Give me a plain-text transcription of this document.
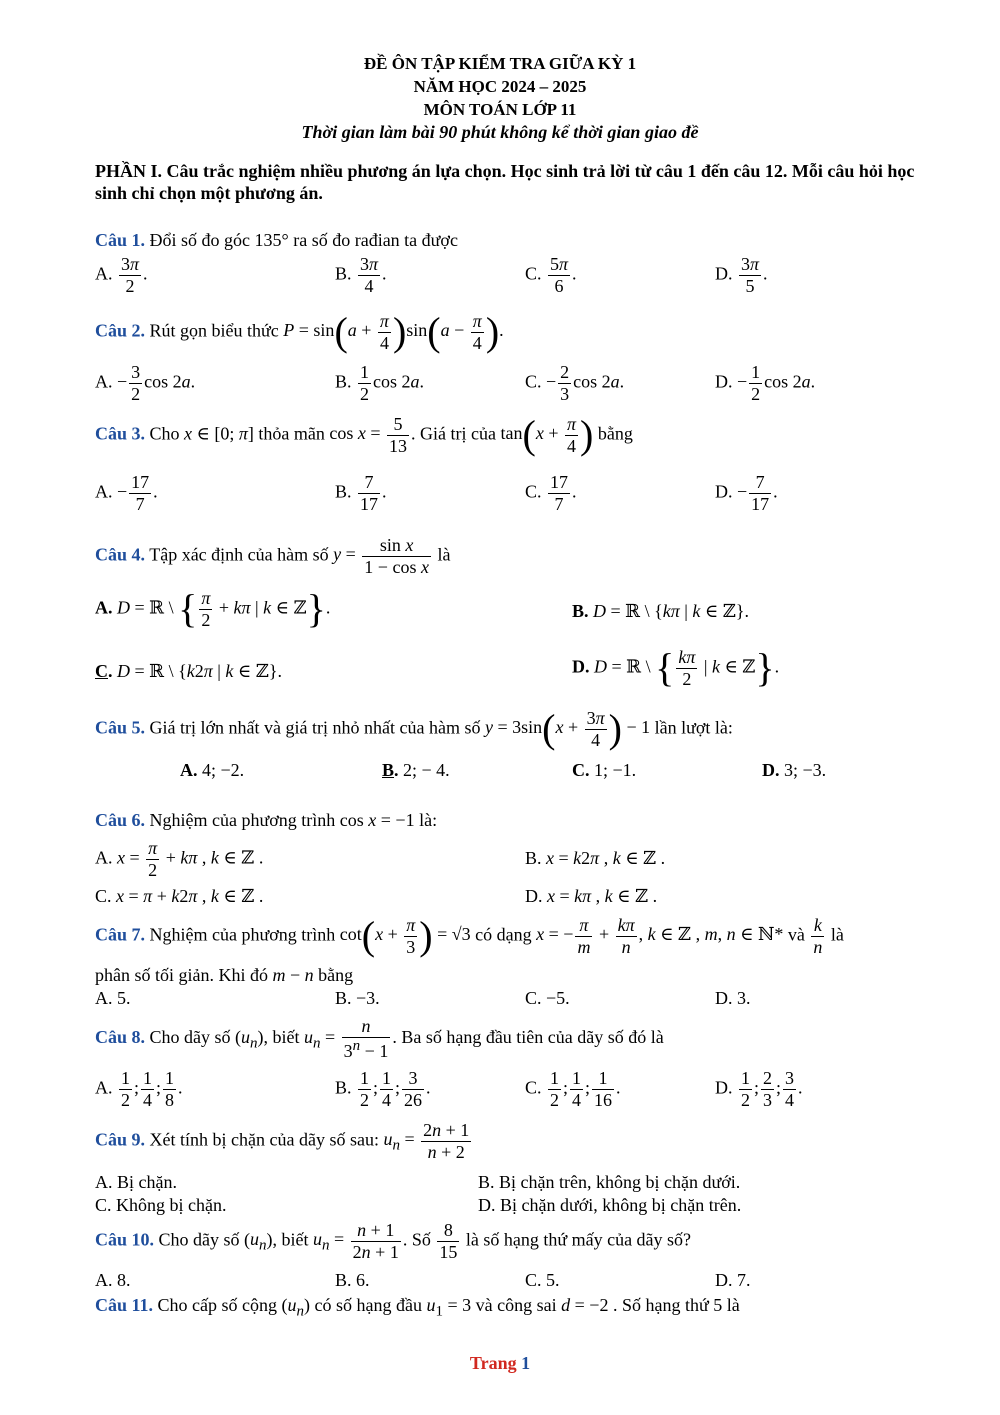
ĐỀ ÔN TẬP KIỂM TRA GIỮA KỲ 1
NĂM HỌC 2024 – 2025
MÔN TOÁN LỚP 11
Thời gian làm bài 90 phút không kể thời gian giao đề
PHẦN I. Câu trắc nghiệm nhiều phương án lựa chọn. Học sinh trả lời từ câu 1 đến câu 12. Mỗi câu hỏi học sinh chỉ chọn một phương án.
Câu 1. Đổi số đo góc 135° ra số đo rađian ta được
A. $\frac{3\pi}{2}$ .	B. $\frac{3\pi}{4}$ .	C. $\frac{5\pi}{6}$ .	D. $\frac{3\pi}{5}$ .
Câu 2. Rút gọn biểu thức $P = \sin(a + \frac{\pi}{4} )\sin(a - \frac{\pi}{4}$ ).
A. − $\frac{3}{2}$ cos 2a.	B. $\frac{1}{2}$ cos 2a.	C. − $\frac{2}{3}$ cos 2a.	D. − $\frac{1}{2}$ cos 2a.
Câu 3. Cho x ∈ [0; π] thỏa mãn $\cos x = \frac{5}{13}$ . Giá trị của $\tan(x + \frac{\pi}{4}$ ) bằng
A. − $\frac{17}{7}$ .	B. $\frac{7}{17}$ .	C. $\frac{17}{7}$ .	D. − $\frac{7}{17}$ .
Câu 4. Tập xác định của hàm số $y = \frac{\text{sin x}}{\text{1 − cos x}}$ là
A. D = ℝ \ { $\frac{\pi}{2} + k\pi$ | k ∈ ℤ}.	B. D = ℝ \ {kπ | k ∈ ℤ}.
C. D = ℝ \ {k2π | k ∈ ℤ}.	D. D = ℝ \ { $\frac{k\pi}{2}$ | k ∈ ℤ}.
Câu 5. Giá trị lớn nhất và giá trị nhỏ nhất của hàm số $y = 3\sin(x + \frac{3\pi}{4}$ ) − 1 lần lượt là:
A. 4; −2.	B. 2; − 4.	C. 1; −1.	D. 3; −3.
Câu 6. Nghiệm của phương trình cos x = −1 là:
A. $x = \frac{\pi}{2} + k\pi$ , k ∈ ℤ .	B. x = k2π , k ∈ ℤ .
C. x = π + k2π , k ∈ ℤ .	D. x = kπ , k ∈ ℤ .
Câu 7. Nghiệm của phương trình $\cot(x + \frac{\pi}{3}$ ) = √3 có dạng x = − $\frac{\pi}{m} + \frac{k\pi}{n}$ , k ∈ ℤ , m, n ∈ ℕ* và $\frac{k}{n}$ là
phân số tối giản. Khi đó m − n bằng
A. 5.	B. −3.	C. −5.	D. 3.
Câu 8. Cho dãy số $(u_n)$, biết $u_n = \frac{n}{3^n - 1}$ . Ba số hạng đầu tiên của dãy số đó là
A. $\frac{1}{2}$ ; $\frac{1}{4}$ ; $\frac{1}{8}$ .	B. $\frac{1}{2}$ ; $\frac{1}{4}$ ; $\frac{3}{26}$ .	C. $\frac{1}{2}$ ; $\frac{1}{4}$ ; $\frac{1}{16}$ .	D. $\frac{1}{2}$ ; $\frac{2}{3}$ ; $\frac{3}{4}$ .
Câu 9. Xét tính bị chặn của dãy số sau: $u_n = \frac{2n + 1}{n + 2}$
A. Bị chặn.	B. Bị chặn trên, không bị chặn dưới.
C. Không bị chặn.	D. Bị chặn dưới, không bị chặn trên.
Câu 10. Cho dãy số $(u_n)$, biết $u_n = \frac{n + 1}{2n + 1}$ . Số $\frac{8}{15}$ là số hạng thứ mấy của dãy số?
A. 8.	B. 6.	C. 5.	D. 7.
Câu 11. Cho cấp số cộng $(u_n)$ có số hạng đầu $u_1 = 3$ và công sai d = −2 . Số hạng thứ 5 là
Trang 1
